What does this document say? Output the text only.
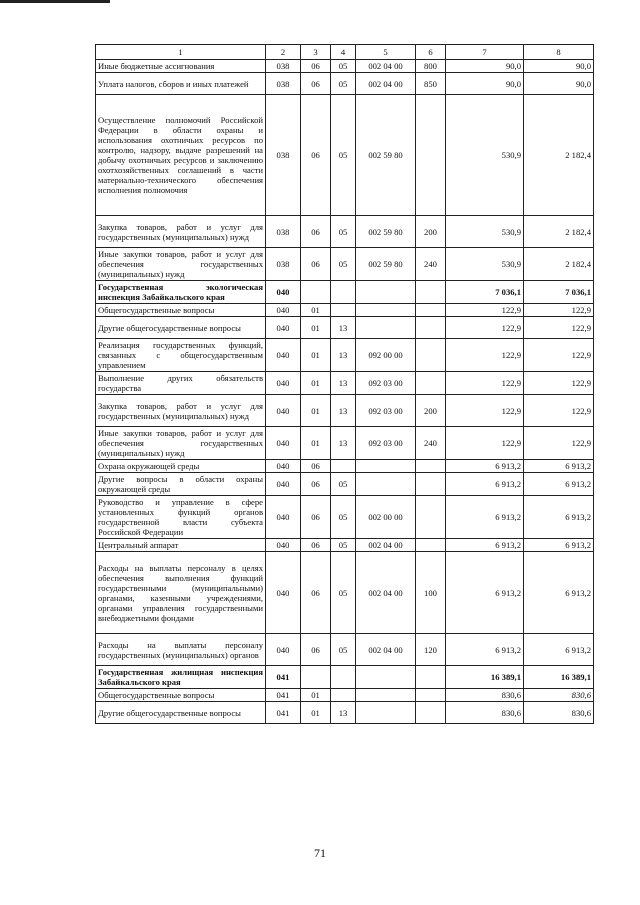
1	2	3	4	5	6	7	8
Иные бюджетные ассигнования	038	06	05	002 04 00	800	90,0	90,0
Уплата налогов, сборов и иных платежей	038	06	05	002 04 00	850	90,0	90,0
Осуществление полномочий Российской Федерации в области охраны и использования охотничьих ресурсов по контролю, надзору, выдаче разрешений на добычу охотничьих ресурсов и заключению охотхозяйственных соглашений в части материально-технического обеспечения исполнения полномочия	038	06	05	002 59 80		530,9	2 182,4
Закупка товаров, работ и услуг для государственных (муниципальных) нужд	038	06	05	002 59 80	200	530,9	2 182,4
Иные закупки товаров, работ и услуг для обеспечения государственных (муниципальных) нужд	038	06	05	002 59 80	240	530,9	2 182,4
Государственная экологическая инспекция Забайкальского края	040					7 036,1	7 036,1
Общегосударственные вопросы	040	01				122,9	122,9
Другие общегосударственные вопросы	040	01	13			122,9	122,9
Реализация государственных функций, связанных с общегосударственным управлением	040	01	13	092 00 00		122,9	122,9
Выполнение других обязательств государства	040	01	13	092 03 00		122,9	122,9
Закупка товаров, работ и услуг для государственных (муниципальных) нужд	040	01	13	092 03 00	200	122,9	122,9
Иные закупки товаров, работ и услуг для обеспечения государственных (муниципальных) нужд	040	01	13	092 03 00	240	122,9	122,9
Охрана окружающей среды	040	06				6 913,2	6 913,2
Другие вопросы в области охраны окружающей среды	040	06	05			6 913,2	6 913,2
Руководство и управление в сфере установленных функций органов государственной власти субъекта Российской Федерации	040	06	05	002 00 00		6 913,2	6 913,2
Центральный аппарат	040	06	05	002 04 00		6 913,2	6 913,2
Расходы на выплаты персоналу в целях обеспечения выполнения функций государственными (муниципальными) органами, казенными учреждениями, органами управления государственными внебюджетными фондами	040	06	05	002 04 00	100	6 913,2	6 913,2
Расходы на выплаты персоналу государственных (муниципальных) органов	040	06	05	002 04 00	120	6 913,2	6 913,2
Государственная жилищная инспекция Забайкальского края	041					16 389,1	16 389,1
Общегосударственные вопросы	041	01				830,6	830,6
Другие общегосударственные вопросы	041	01	13			830,6	830,6
71
